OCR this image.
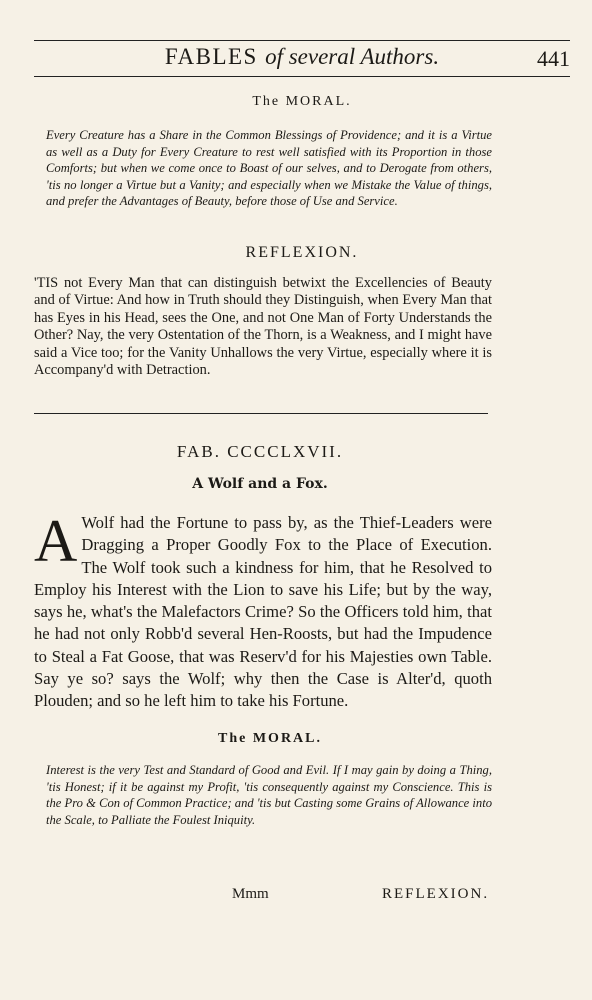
FABLES of several Authors.	441
The MORAL.
Every Creature has a Share in the Common Blessings of Providence; and it is a Virtue as well as a Duty for Every Creature to rest well satisfied with its Proportion in those Comforts; but when we come once to Boast of our selves, and to Derogate from others, 'tis no longer a Virtue but a Vanity; and especially when we Mistake the Value of things, and prefer the Advantages of Beauty, before those of Use and Service.
REFLEXION.
'TIS not Every Man that can distinguish betwixt the Excellencies of Beauty and of Virtue: And how in Truth should they Distinguish, when Every Man that has Eyes in his Head, sees the One, and not One Man of Forty Understands the Other? Nay, the very Ostentation of the Thorn, is a Weakness, and I might have said a Vice too; for the Vanity Unhallows the very Virtue, especially where it is Accompany'd with Detraction.
FAB. CCCCLXVII.
A Wolf and a Fox.
A Wolf had the Fortune to pass by, as the Thief-Leaders were Dragging a Proper Goodly Fox to the Place of Execution. The Wolf took such a kindness for him, that he Resolved to Employ his Interest with the Lion to save his Life; but by the way, says he, what's the Malefactors Crime? So the Officers told him, that he had not only Robb'd several Hen-Roosts, but had the Impudence to Steal a Fat Goose, that was Reserv'd for his Majesties own Table. Say ye so? says the Wolf; why then the Case is Alter'd, quoth Plouden; and so he left him to take his Fortune.
The MORAL.
Interest is the very Test and Standard of Good and Evil. If I may gain by doing a Thing, 'tis Honest; if it be against my Profit, 'tis consequently against my Conscience. This is the Pro & Con of Common Practice; and 'tis but Casting some Grains of Allowance into the Scale, to Palliate the Foulest Iniquity.
Mmm	REFLEXION.
